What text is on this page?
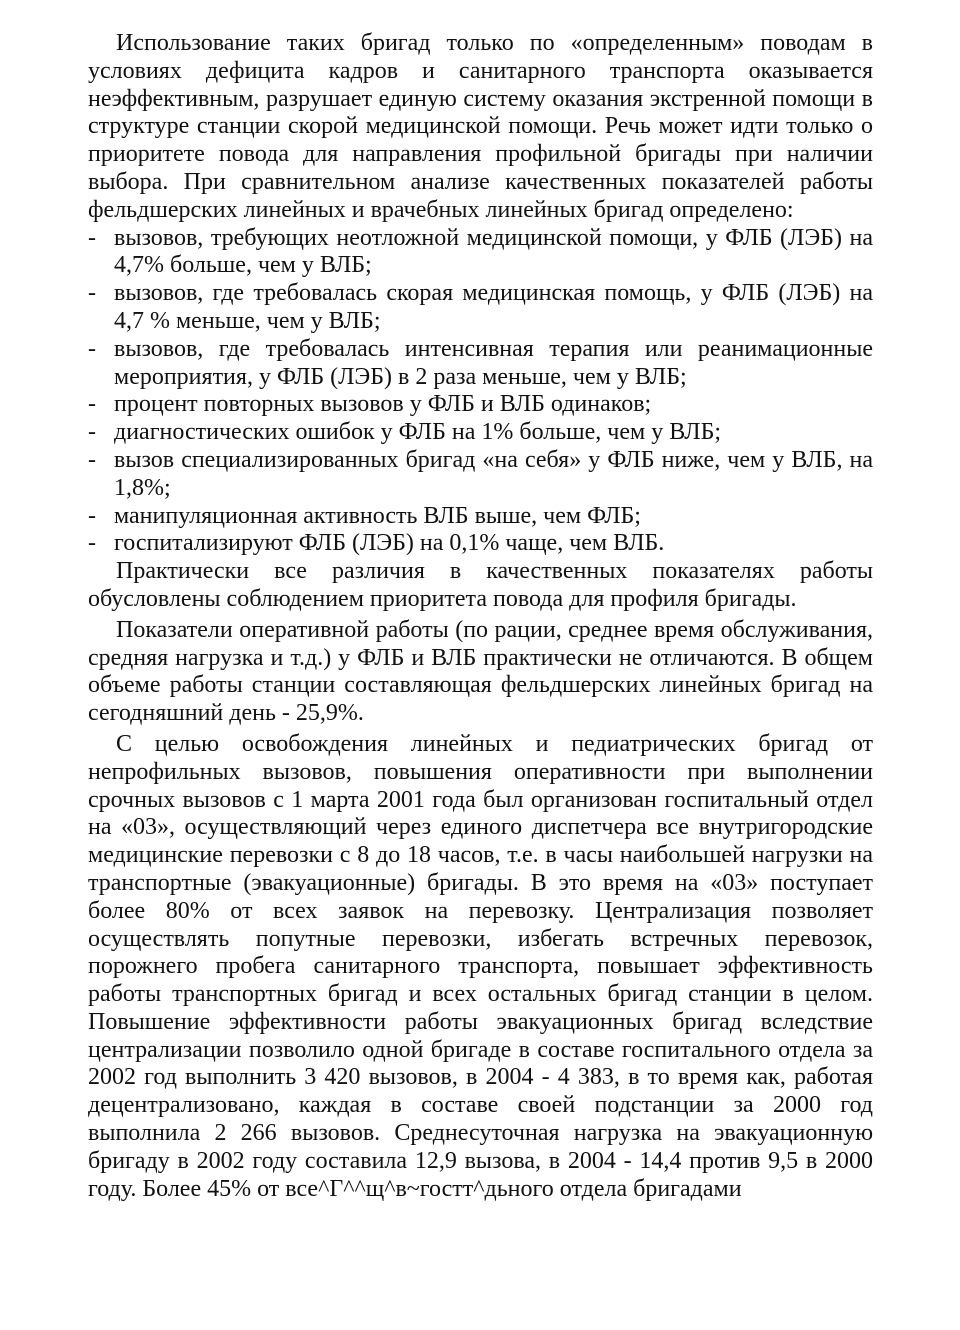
Использование таких бригад только по «определенным» поводам в условиях дефицита кадров и санитарного транспорта оказывается неэффективным, разрушает единую систему оказания экстренной помощи в структуре станции скорой медицинской помощи. Речь может идти только о приоритете повода для направления профильной бригады при наличии выбора. При сравнительном анализе качественных показателей работы фельдшерских линейных и врачебных линейных бригад определено:

- вызовов, требующих неотложной медицинской помощи, у ФЛБ (ЛЭБ) на 4,7% больше, чем у ВЛБ;
- вызовов, где требовалась скорая медицинская помощь, у ФЛБ (ЛЭБ) на 4,7 % меньше, чем у ВЛБ;
- вызовов, где требовалась интенсивная терапия или реанимационные мероприятия, у ФЛБ (ЛЭБ) в 2 раза меньше, чем у ВЛБ;
- процент повторных вызовов у ФЛБ и ВЛБ одинаков;
- диагностических ошибок у ФЛБ на 1% больше, чем у ВЛБ;
- вызов специализированных бригад «на себя» у ФЛБ ниже, чем у ВЛБ, на 1,8%;
- манипуляционная активность ВЛБ выше, чем ФЛБ;
- госпитализируют ФЛБ (ЛЭБ) на 0,1% чаще, чем ВЛБ.

Практически все различия в качественных показателях работы обусловлены соблюдением приоритета повода для профиля бригады.

Показатели оперативной работы (по рации, среднее время обслуживания, средняя нагрузка и т.д.) у ФЛБ и ВЛБ практически не отличаются. В общем объеме работы станции составляющая фельдшерских линейных бригад на сегодняшний день - 25,9%.

С целью освобождения линейных и педиатрических бригад от непрофильных вызовов, повышения оперативности при выполнении срочных вызовов с 1 марта 2001 года был организован госпитальный отдел на «03», осуществляющий через единого диспетчера все внутригородские медицинские перевозки с 8 до 18 часов, т.е. в часы наибольшей нагрузки на транспортные (эвакуационные) бригады. В это время на «03» поступает более 80% от всех заявок на перевозку. Централизация позволяет осуществлять попутные перевозки, избегать встречных перевозок, порожнего пробега санитарного транспорта, повышает эффективность работы транспортных бригад и всех остальных бригад станции в целом. Повышение эффективности работы эвакуационных бригад вследствие централизации позволило одной бригаде в составе госпитального отдела за 2002 год выполнить 3 420 вызовов, в 2004 - 4 383, в то время как, работая децентрализовано, каждая в составе своей подстанции за 2000 год выполнила 2 266 вызовов. Среднесуточная нагрузка на эвакуационную бригаду в 2002 году составила 12,9 вызова, в 2004 - 14,4 против 9,5 в 2000 году. Более 45% от все^Г^^щ^в~гостт^дьного отдела бригадами
